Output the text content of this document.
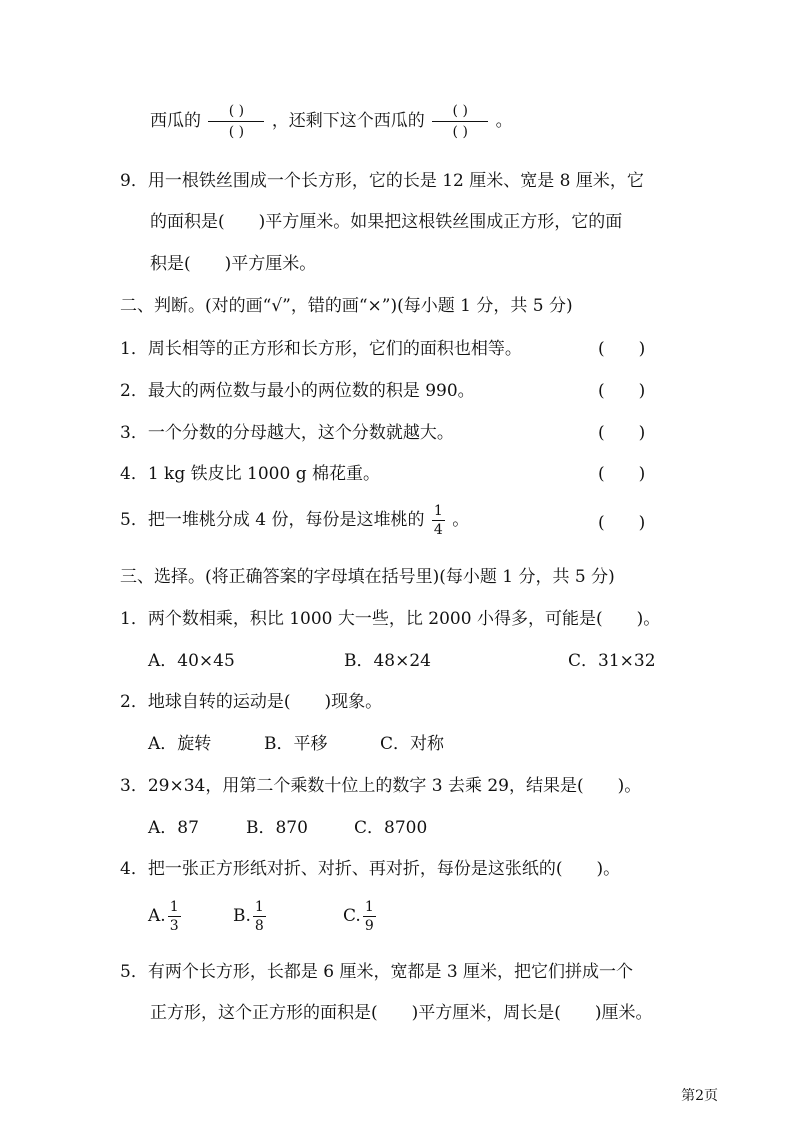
西瓜的 $\frac{( )}{( )}$ ，还剩下这个西瓜的 $\frac{( )}{( )}$ 。
9．用一根铁丝围成一个长方形，它的长是 12 厘米、宽是 8 厘米，它
的面积是(　　)平方厘米。如果把这根铁丝围成正方形，它的面
积是(　　)平方厘米。
二、判断。(对的画“√”，错的画“×”)(每小题 1 分，共 5 分)
1．周长相等的正方形和长方形，它们的面积也相等。	(　　)
2．最大的两位数与最小的两位数的积是 990。	(　　)
3．一个分数的分母越大，这个分数就越大。	(　　)
4．1 kg 铁皮比 1000 g 棉花重。	(　　)
5．把一堆桃分成 4 份，每份是这堆桃的 $\frac{1}{4}$ 。	(　　)
三、选择。(将正确答案的字母填在括号里)(每小题 1 分，共 5 分)
1．两个数相乘，积比 1000 大一些，比 2000 小得多，可能是(　　)。
A．40×45	B．48×24	C．31×32
2．地球自转的运动是(　　)现象。
A．旋转	B．平移	C．对称
3．29×34，用第二个乘数十位上的数字 3 去乘 29，结果是(　　)。
A．87	B．870	C．8700
4．把一张正方形纸对折、对折、再对折，每份是这张纸的(　　)。
A. $\frac{1}{3}$	B. $\frac{1}{8}$	C. $\frac{1}{9}$
5．有两个长方形，长都是 6 厘米，宽都是 3 厘米，把它们拼成一个
正方形，这个正方形的面积是(　　)平方厘米，周长是(　　)厘米。
第2页
